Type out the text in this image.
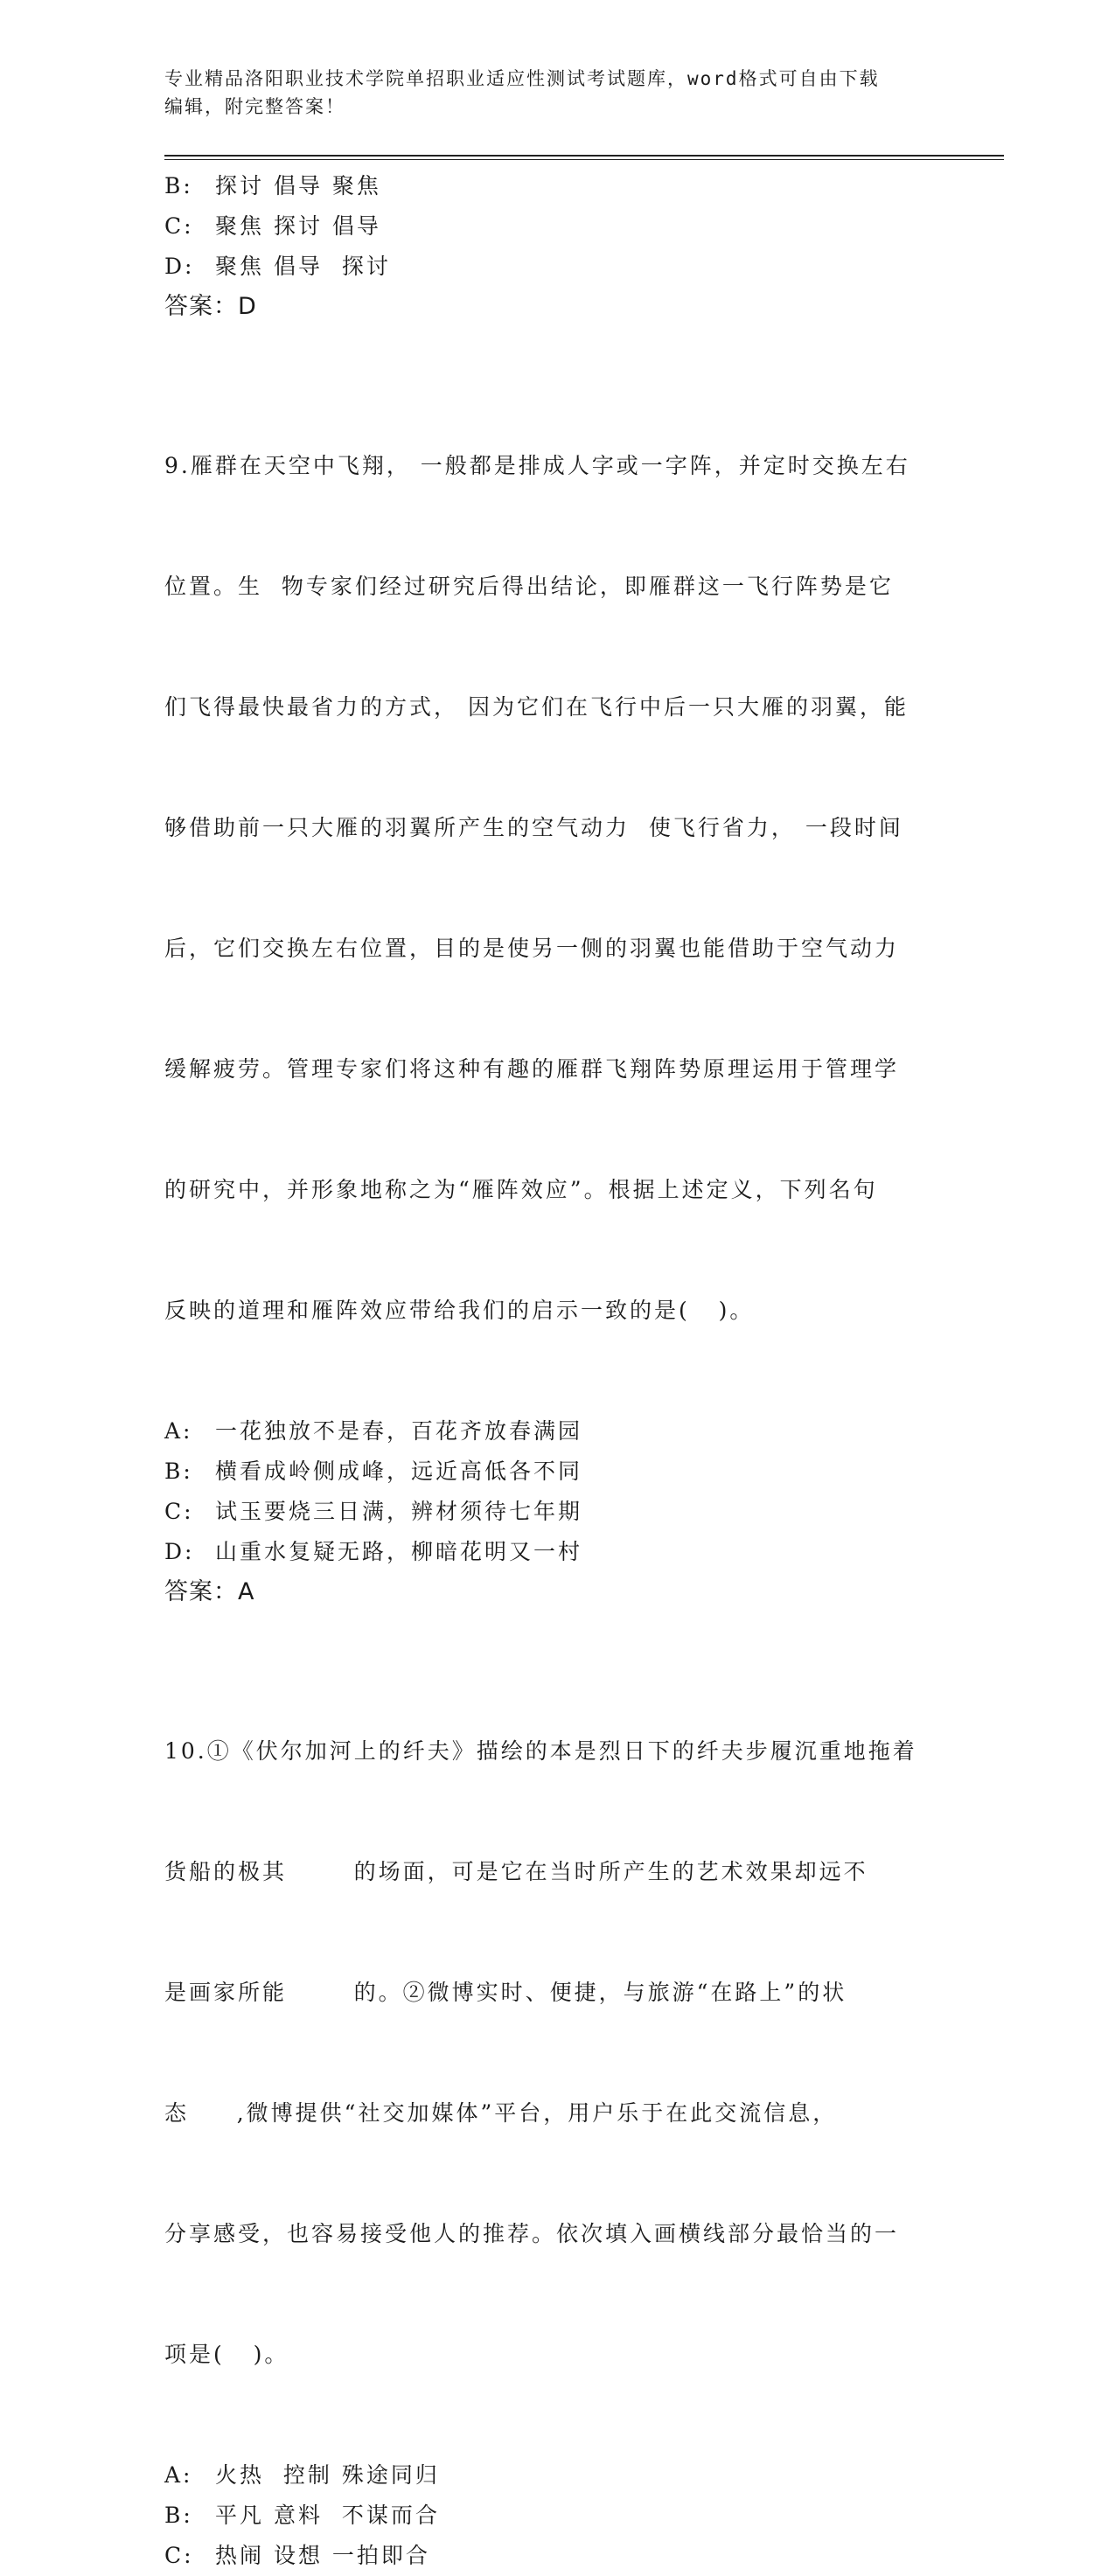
专业精品洛阳职业技术学院单招职业适应性测试考试题库，word格式可自由下载
编辑，附完整答案！
B:	探讨 倡导 聚焦
C: 聚焦 探讨 倡导
D: 聚焦 倡导  探讨
答案：D

9.雁群在天空中飞翔， 一般都是排成人字或一字阵，并定时交换左右

位置。生  物专家们经过研究后得出结论，即雁群这一飞行阵势是它

们飞得最快最省力的方式， 因为它们在飞行中后一只大雁的羽翼，能

够借助前一只大雁的羽翼所产生的空气动力  使飞行省力， 一段时间

后，它们交换左右位置，目的是使另一侧的羽翼也能借助于空气动力

缓解疲劳。管理专家们将这种有趣的雁群飞翔阵势原理运用于管理学

的研究中，并形象地称之为“雁阵效应”。根据上述定义，下列名句

反映的道理和雁阵效应带给我们的启示一致的是(   )。

A:	一花独放不是春，百花齐放春满园
B:	横看成岭侧成峰，远近高低各不同
C: 试玉要烧三日满，辨材须待七年期
D: 山重水复疑无路，柳暗花明又一村
答案：A

10.①《伏尔加河上的纤夫》描绘的本是烈日下的纤夫步履沉重地拖着

货船的极其       的场面，可是它在当时所产生的艺术效果却远不

是画家所能       的。②微博实时、便捷，与旅游“在路上”的状

态     ,微博提供“社交加媒体”平台，用户乐于在此交流信息，

分享感受，也容易接受他人的推荐。依次填入画横线部分最恰当的一

项是(   )。

A:	火热  控制 殊途同归
B:	平凡 意料  不谋而合
C: 热闹 设想 一拍即合
